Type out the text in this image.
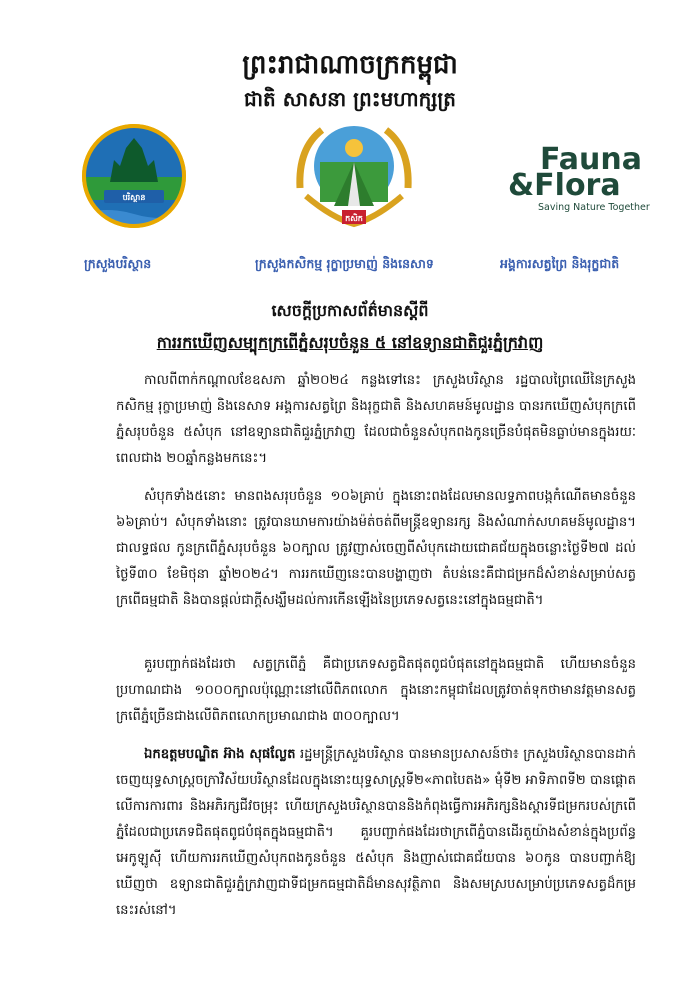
ព្រះរាជាណាចក្រកម្ពុជា
ជាតិ សាសនា ព្រះមហាក្សត្រ
បរិស្ថាន
កសិក
Fauna
&Flora
Saving Nature Together
ក្រសួងបរិស្ថាន	ក្រសួងកសិកម្ម រុក្ខាប្រមាញ់ និងនេសាទ	អង្គការសត្វព្រៃ និងរុក្ខជាតិ
សេចក្តីប្រកាសព័ត៌មានស្តីពី
ការរកឃើញសម្បុកក្រពើភ្នំសរុបចំនួន ៥ នៅឧទ្យានជាតិជួរភ្នំក្រវាញ
កាលពីពាក់កណ្តាលខែឧសភា ឆ្នាំ២០២៤ កន្លងទៅនេះ ក្រសួងបរិស្ថាន រដ្ឋបាលព្រៃឈើនៃក្រសួងកសិកម្ម រុក្ខាប្រមាញ់ និងនេសាទ អង្គការសត្វព្រៃ និងរុក្ខជាតិ និងសហគមន៍មូលដ្ឋាន បានរកឃើញសំបុកក្រពើភ្នំសរុបចំនួន ៥សំបុក នៅឧទ្យានជាតិជួរភ្នំក្រវាញ ដែលជាចំនួនសំបុកពងកូនច្រើនបំផុតមិនធ្លាប់មានក្នុងរយៈពេលជាង ២០ឆ្នាំកន្លងមកនេះ។
សំបុកទាំង៥នោះ មានពងសរុបចំនួន ១០៦គ្រាប់ ក្នុងនោះពងដែលមានលទ្ធភាពបង្កកំណើតមានចំនួន ៦៦គ្រាប់។ សំបុកទាំងនោះ ត្រូវបានឃាមការយ៉ាងម៉ត់ចត់ពីមន្ត្រីឧទ្យានរក្ស និងសំណាក់សហគមន៍មូលដ្ឋាន។ ជាលទ្ធផល កូនក្រពើភ្នំសរុបចំនួន ៦០ក្បាល ត្រូវញាស់ចេញពីសំបុកដោយជោគជ័យក្នុងចន្លោះថ្ងៃទី២៧ ដល់ថ្ងៃទី៣០ ខែមិថុនា ឆ្នាំ២០២៤។ ការរកឃើញនេះបានបង្ហាញថា តំបន់នេះគឺជាជម្រកដ៏សំខាន់សម្រាប់សត្វក្រពើធម្មជាតិ និងបានផ្តល់ជាក្តីសង្ឃឹមដល់ការកើនឡើងនៃប្រភេទសត្វនេះនៅក្នុងធម្មជាតិ។
គួរបញ្ជាក់ផងដែរថា សត្វក្រពើភ្នំ គឺជាប្រភេទសត្វជិតផុតពូជបំផុតនៅក្នុងធម្មជាតិ ហើយមានចំនួនប្រហាណជាង ១០០០ក្បាលប៉ុណ្ណោះនៅលើពិភពលោក ក្នុងនោះកម្ពុជាដែលត្រូវចាត់ទុកថាមានវត្តមានសត្វក្រពើភ្នំច្រើនជាងលើពិភពលោកប្រមាណជាង ៣០០ក្បាល។
ឯកឧត្តមបណ្ឌិត អ៊ាង សុផល្លែត រដ្ឋមន្ត្រីក្រសួងបរិស្ថាន បានមានប្រសាសន៍ថា៖ ក្រសួងបរិស្ថានបានដាក់ចេញយុទ្ធសាស្ត្រចក្រាវិស័យបរិស្ថានដែលក្នុងនោះយុទ្ធសាស្ត្រទី២«ភាពបៃតង» មុំទី២ អាទិភាពទី២ បានផ្តោតលើការការពារ និងអភិរក្សជីវចម្រុះ ហើយក្រសួងបរិស្ថានបាននិងកំពុងធ្វើការអភិរក្សនិងស្តារទីជម្រករបស់ក្រពើភ្នំដែលជាប្រភេទជិតផុតពូជបំផុតក្នុងធម្មជាតិ។ គួរបញ្ជាក់ផងដែរថាក្រពើភ្នំបានដើរតួយ៉ាងសំខាន់ក្នុងប្រព័ន្ធអេកូឡូស៊ី ហើយការរកឃើញសំបុកពងកូនចំនួន ៥សំបុក និងញាស់ជោគជ័យបាន ៦០កូន បានបញ្ជាក់ឱ្យឃើញថា ឧទ្យានជាតិជួរភ្នំក្រវាញជាទីជម្រកធម្មជាតិដ៏មានសុវត្ថិភាព និងសមស្របសម្រាប់ប្រភេទសត្វដ៏កម្រនេះរស់នៅ។
